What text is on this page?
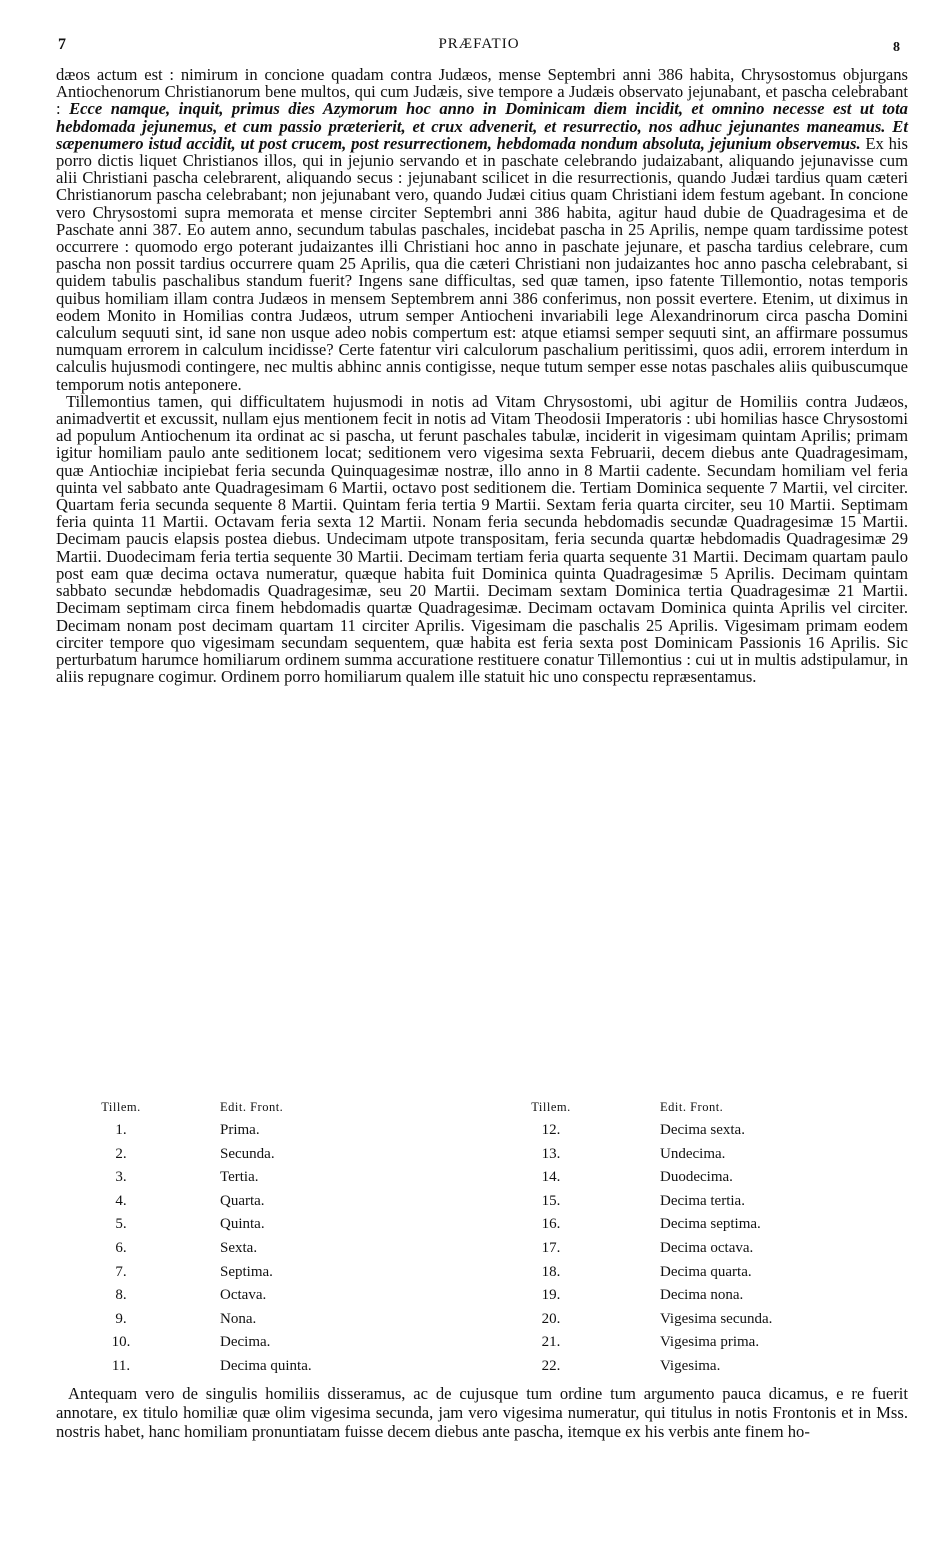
7	PRÆFATIO	8

dæos actum est : nimirum in concione quadam contra Judæos, mense Septembri anni 386 habita, Chrysostomus objurgans Antiochenorum Christianorum bene multos, qui cum Judæis, sive tempore a Judæis observato jejunabant, et pascha celebrabant : Ecce namque, inquit, primus dies Azymorum hoc anno in Dominicam diem incidit, et omnino necesse est ut tota hebdomada jejunemus, et cum passio præterierit, et crux advenerit, et resurrectio, nos adhuc jejunantes maneamus. Et sæpenumero istud accidit, ut post crucem, post resurrectionem, hebdomada nondum absoluta, jejunium observemus. Ex his porro dictis liquet Christianos illos, qui in jejunio servando et in paschate celebrando judaizabant, aliquando jejunavisse cum alii Christiani pascha celebrarent, aliquando secus : jejunabant scilicet in die resurrectionis, quando Judæi tardius quam cæteri Christianorum pascha celebrabant; non jejunabant vero, quando Judæi citius quam Christiani idem festum agebant. In concione vero Chrysostomi supra memorata et mense circiter Septembri anni 386 habita, agitur haud dubie de Quadragesima et de Paschate anni 387. Eo autem anno, secundum tabulas paschales, incidebat pascha in 25 Aprilis, nempe quam tardissime potest occurrere : quomodo ergo poterant judaizantes illi Christiani hoc anno in paschate jejunare, et pascha tardius celebrare, cum pascha non possit tardius occurrere quam 25 Aprilis, qua die cæteri Christiani non judaizantes hoc anno pascha celebrabant, si quidem tabulis paschalibus standum fuerit? Ingens sane difficultas, sed quæ tamen, ipso fatente Tillemontio, notas temporis quibus homiliam illam contra Judæos in mensem Septembrem anni 386 conferimus, non possit evertere. Etenim, ut diximus in eodem Monito in Homilias contra Judæos, utrum semper Antiocheni invariabili lege Alexandrinorum circa pascha Domini calculum sequuti sint, id sane non usque adeo nobis compertum est: atque etiamsi semper sequuti sint, an affirmare possumus numquam errorem in calculum incidisse? Certe fatentur viri calculorum paschalium peritissimi, quos adii, errorem interdum in calculis hujusmodi contingere, nec multis abhinc annis contigisse, neque tutum semper esse notas paschales aliis quibuscumque temporum notis anteponere.

Tillemontius tamen, qui difficultatem hujusmodi in notis ad Vitam Chrysostomi, ubi agitur de Homiliis contra Judæos, animadvertit et excussit, nullam ejus mentionem fecit in notis ad Vitam Theodosii Imperatoris : ubi homilias hasce Chrysostomi ad populum Antiochenum ita ordinat ac si pascha, ut ferunt paschales tabulæ, inciderit in vigesimam quintam Aprilis; primam igitur homiliam paulo ante seditionem locat; seditionem vero vigesima sexta Februarii, decem diebus ante Quadragesimam, quæ Antiochiæ incipiebat feria secunda Quinquagesimæ nostræ, illo anno in 8 Martii cadente. Secundam homiliam vel feria quinta vel sabbato ante Quadragesimam 6 Martii, octavo post seditionem die. Tertiam Dominica sequente 7 Martii, vel circiter. Quartam feria secunda sequente 8 Martii. Quintam feria tertia 9 Martii. Sextam feria quarta circiter, seu 10 Martii. Septimam feria quinta 11 Martii. Octavam feria sexta 12 Martii. Nonam feria secunda hebdomadis secundæ Quadragesimæ 15 Martii. Decimam paucis elapsis postea diebus. Undecimam utpote transpositam, feria secunda quartæ hebdomadis Quadragesimæ 29 Martii. Duodecimam feria tertia sequente 30 Martii. Decimam tertiam feria quarta sequente 31 Martii. Decimam quartam paulo post eam quæ decima octava numeratur, quæque habita fuit Dominica quinta Quadragesimæ 5 Aprilis. Decimam quintam sabbato secundæ hebdomadis Quadragesimæ, seu 20 Martii. Decimam sextam Dominica tertia Quadragesimæ 21 Martii. Decimam septimam circa finem hebdomadis quartæ Quadragesimæ. Decimam octavam Dominica quinta Aprilis vel circiter. Decimam nonam post decimam quartam 11 circiter Aprilis. Vigesimam die paschalis 25 Aprilis. Vigesimam primam eodem circiter tempore quo vigesimam secundam sequentem, quæ habita est feria sexta post Dominicam Passionis 16 Aprilis. Sic perturbatum harumce homiliarum ordinem summa accuratione restituere conatur Tillemontius : cui ut in multis adstipulamur, in aliis repugnare cogimur. Ordinem porro homiliarum qualem ille statuit hic uno conspectu repræsentamus.

Tillem.	Edit. Front.	Tillem.	Edit. Front.
1.	Prima.	12.	Decima sexta.
2.	Secunda.	13.	Undecima.
3.	Tertia.	14.	Duodecima.
4.	Quarta.	15.	Decima tertia.
5.	Quinta.	16.	Decima septima.
6.	Sexta.	17.	Decima octava.
7.	Septima.	18.	Decima quarta.
8.	Octava.	19.	Decima nona.
9.	Nona.	20.	Vigesima secunda.
10.	Decima.	21.	Vigesima prima.
11.	Decima quinta.	22.	Vigesima.

Antequam vero de singulis homiliis disseramus, ac de cujusque tum ordine tum argumento pauca dicamus, e re fuerit annotare, ex titulo homiliæ quæ olim vigesima secunda, jam vero vigesima numeratur, qui titulus in notis Frontonis et in Mss. nostris habet, hanc homiliam pronuntiatam fuisse decem diebus ante pascha, itemque ex his verbis ante finem ho-
